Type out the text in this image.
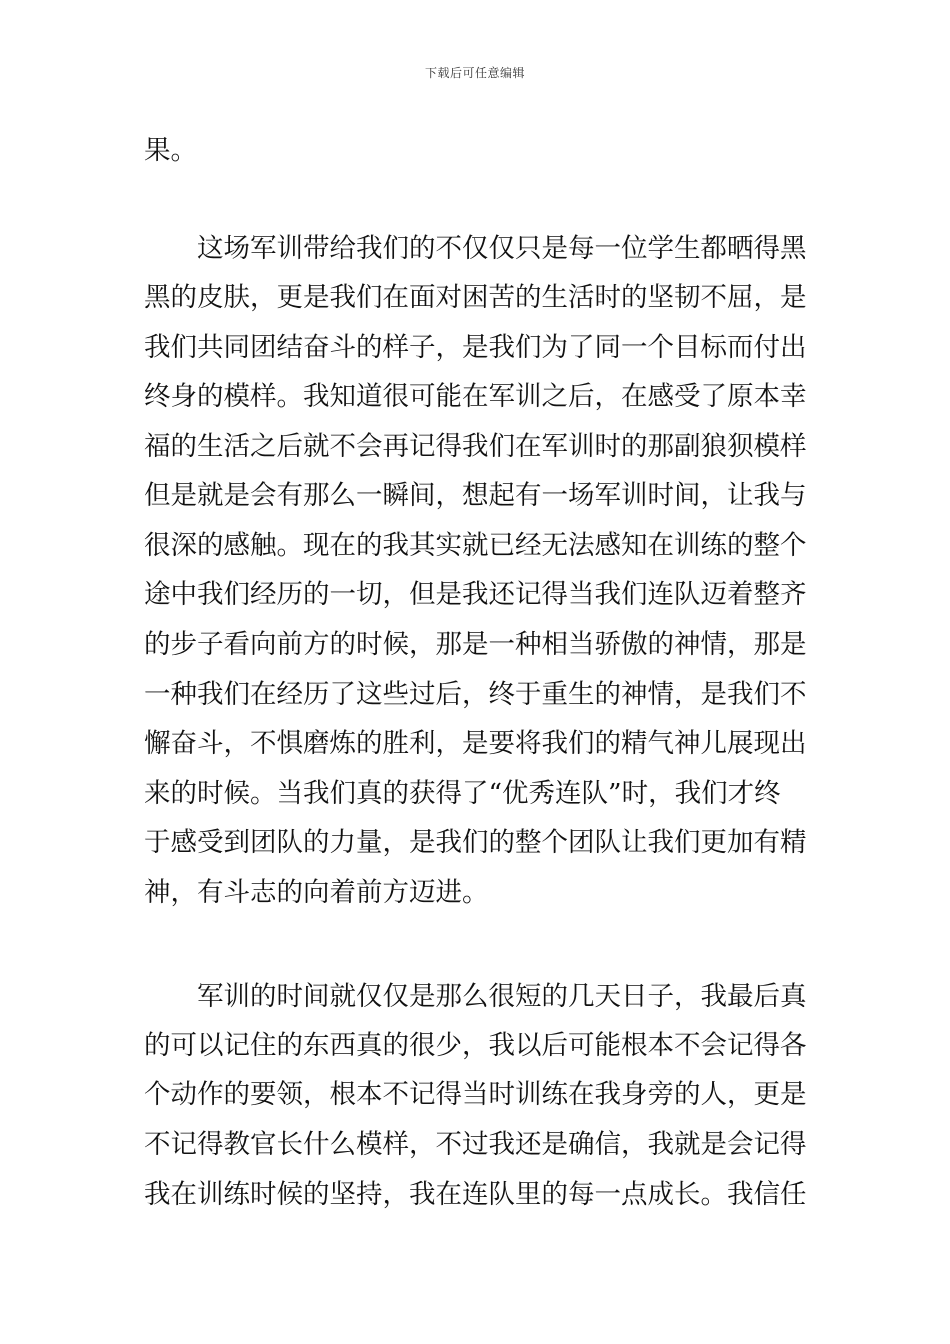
下载后可任意编辑
果。
　　这场军训带给我们的不仅仅只是每一位学生都晒得黑
黑的皮肤，更是我们在面对困苦的生活时的坚韧不屈，是
我们共同团结奋斗的样子，是我们为了同一个目标而付出
终身的模样。我知道很可能在军训之后，在感受了原本幸
福的生活之后就不会再记得我们在军训时的那副狼狈模样
但是就是会有那么一瞬间，想起有一场军训时间，让我与
很深的感触。现在的我其实就已经无法感知在训练的整个
途中我们经历的一切，但是我还记得当我们连队迈着整齐
的步子看向前方的时候，那是一种相当骄傲的神情，那是
一种我们在经历了这些过后，终于重生的神情，是我们不
懈奋斗，不惧磨炼的胜利，是要将我们的精气神儿展现出
来的时候。当我们真的获得了“优秀连队”时，我们才终
于感受到团队的力量，是我们的整个团队让我们更加有精
神，有斗志的向着前方迈进。
　　军训的时间就仅仅是那么很短的几天日子，我最后真
的可以记住的东西真的很少，我以后可能根本不会记得各
个动作的要领，根本不记得当时训练在我身旁的人，更是
不记得教官长什么模样，不过我还是确信，我就是会记得
我在训练时候的坚持，我在连队里的每一点成长。我信任
